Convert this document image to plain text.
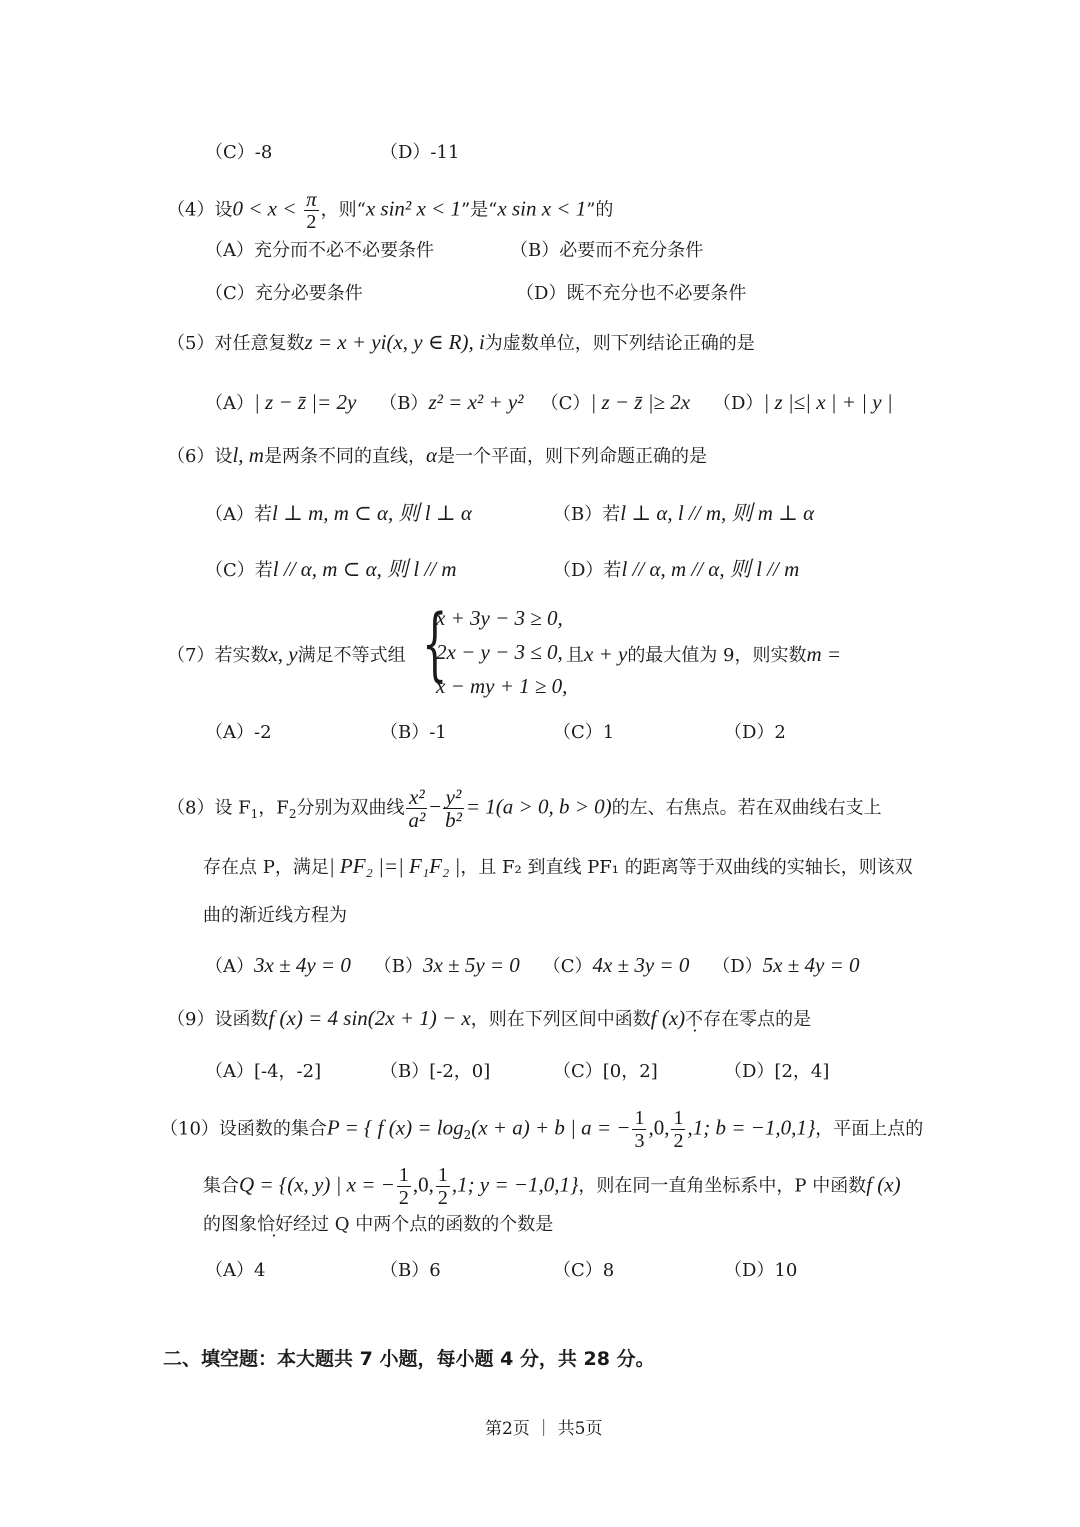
（C）-8	（D）-11
（4）设$0 < x < \frac{\pi}{2}$ ，则“x sin² x < 1”是“x sin x < 1”的
（A）充分而不必不必要条件	（B）必要而不充分条件
（C）充分必要条件	（D）既不充分也不必要条件
（5）对任意复数z = x + yi(x, y ∈ R), i为虚数单位，则下列结论正确的是
（A）| z − z̄ |= 2y （B）z² = x² + y² （C）| z − z̄ |≥ 2x （D）| z |≤| x | + | y |
（6）设l, m是两条不同的直线，α是一个平面，则下列命题正确的是
（A）若l ⊥ m, m ⊂ α, 则 l ⊥ α	（B）若l ⊥ α, l // m, 则 m ⊥ α
（C）若l // α, m ⊂ α, 则 l // m	（D）若l // α, m // α, 则 l // m
（7）若实数x, y满足不等式组 {
x + 3y − 3 ≥ 0,
2x − y − 3 ≤ 0,
x − my + 1 ≥ 0,
且x + y的最大值为 9，则实数m =
（A）-2	（B）-1	（C）1	（D）2
（8）设 $F_1$，$F_2$分别为双曲线 $\frac{\text{x²}}{\text{a²}} - \frac{\text{y²}}{\text{b²}} = 1(a > 0$, b > 0)的左、右焦点。若在双曲线右支上
存在点 P，满足| PF₂ |=| F₁F₂ |，且 F₂ 到直线 PF₁ 的距离等于双曲线的实轴长，则该双
曲的渐近线方程为
（A）3x ± 4y = 0 （B）3x ± 5y = 0 （C）4x ± 3y = 0 （D）5x ± 4y = 0
（9）设函数f (x) = 4 sin(2x + 1) − x，则在下列区间中函数f (x)不存在零点的是
（A）[-4，-2]	（B）[-2，0]	（C）[0，2]	（D）[2，4]
（10）设函数的集合P = { f $(x) = \log_2(x + a) + b$ | a = − $\frac{1}{3} ,0$, $\frac{1}{2} ,1$; b = −1,0,1}，平面上点的
集合Q = {(x, y) | x = − $\frac{1}{2} ,0$, $\frac{1}{2} ,1$; y = −1,0,1}，则在同一直角坐标系中，P 中函数f (x)
的图象恰好经过 Q 中两个点的函数的个数是
（A）4	（B）6	（C）8	（D）10
二、填空题：本大题共 7 小题，每小题 4 分，共 28 分。
第2页 ｜ 共5页
